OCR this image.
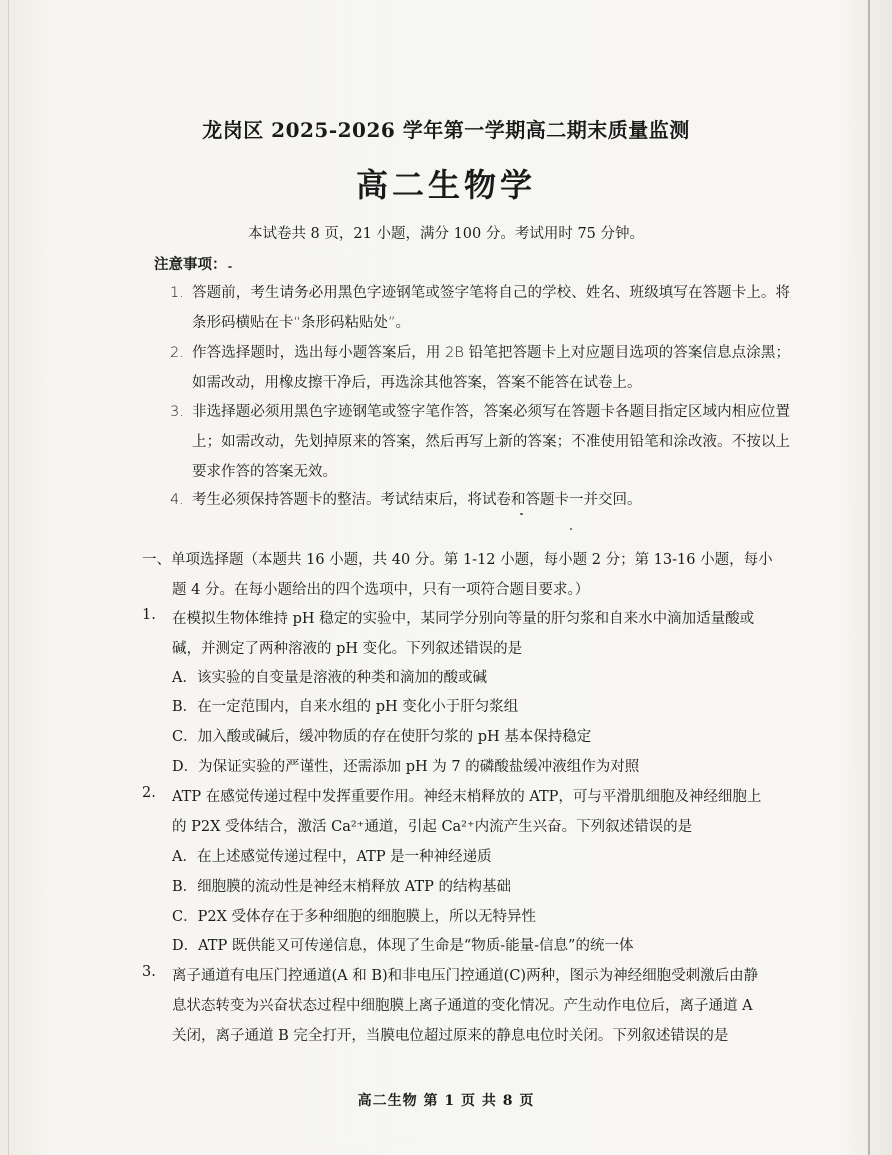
龙岗区 2025-2026 学年第一学期高二期末质量监测
高二生物学
本试卷共 8 页，21 小题，满分 100 分。考试用时 75 分钟。
注意事项：
1. 答题前，考生请务必用黑色字迹钢笔或签字笔将自己的学校、姓名、班级填写在答题卡上。将条形码横贴在卡“条形码粘贴处”。
2. 作答选择题时，选出每小题答案后，用 2B 铅笔把答题卡上对应题目选项的答案信息点涂黑；如需改动，用橡皮擦干净后，再选涂其他答案，答案不能答在试卷上。
3. 非选择题必须用黑色字迹钢笔或签字笔作答，答案必须写在答题卡各题目指定区域内相应位置上；如需改动，先划掉原来的答案，然后再写上新的答案；不准使用铅笔和涂改液。不按以上要求作答的答案无效。
4. 考生必须保持答题卡的整洁。考试结束后，将试卷和答题卡一并交回。
一、单项选择题（本题共 16 小题，共 40 分。第 1-12 小题，每小题 2 分；第 13-16 小题，每小
题 4 分。在每小题给出的四个选项中，只有一项符合题目要求。）
1. 在模拟生物体维持 pH 稳定的实验中，某同学分别向等量的肝匀浆和自来水中滴加适量酸或
碱，并测定了两种溶液的 pH 变化。下列叙述错误的是
A．该实验的自变量是溶液的种类和滴加的酸或碱
B．在一定范围内，自来水组的 pH 变化小于肝匀浆组
C．加入酸或碱后，缓冲物质的存在使肝匀浆的 pH 基本保持稳定
D．为保证实验的严谨性，还需添加 pH 为 7 的磷酸盐缓冲液组作为对照
2. ATP 在感觉传递过程中发挥重要作用。神经末梢释放的 ATP，可与平滑肌细胞及神经细胞上
的 P2X 受体结合，激活 Ca²⁺通道，引起 Ca²⁺内流产生兴奋。下列叙述错误的是
A．在上述感觉传递过程中，ATP 是一种神经递质
B．细胞膜的流动性是神经末梢释放 ATP 的结构基础
C．P2X 受体存在于多种细胞的细胞膜上，所以无特异性
D．ATP 既供能又可传递信息，体现了生命是“物质-能量-信息”的统一体
3. 离子通道有电压门控通道(A 和 B)和非电压门控通道(C)两种，图示为神经细胞受刺激后由静
息状态转变为兴奋状态过程中细胞膜上离子通道的变化情况。产生动作电位后，离子通道 A
关闭，离子通道 B 完全打开，当膜电位超过原来的静息电位时关闭。下列叙述错误的是
高二生物 第 1 页 共 8 页
